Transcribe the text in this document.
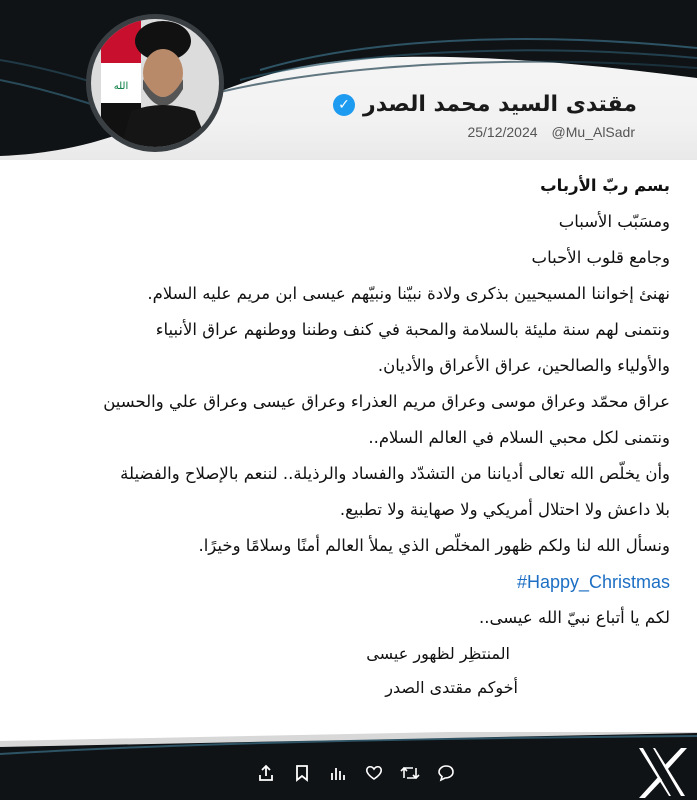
الله
مقتدى السيد محمد الصدر
✓
25/12/2024 @Mu_AlSadr
بسم ربّ الأرباب
ومسَبّب الأسباب
وجامع قلوب الأحباب
نهنئ إخواننا المسيحيين بذكرى ولادة نبيّنا ونبيّهم عيسى ابن مريم عليه السلام.
ونتمنى لهم سنة مليئة بالسلامة والمحبة في كنف وطننا ووطنهم عراق الأنبياء
والأولياء والصالحين، عراق الأعراق والأديان.
عراق محمّد وعراق موسى وعراق مريم العذراء وعراق عيسى وعراق علي والحسين
ونتمنى لكل محبي السلام في العالم السلام..
وأن يخلّص الله تعالى أدياننا من التشدّد والفساد والرذيلة.. لننعم بالإصلاح والفضيلة
بلا داعش ولا احتلال أمريكي ولا صهاينة ولا تطبيع.
ونسأل الله لنا ولكم ظهور المخلّص الذي يملأ العالم أمنًا وسلامًا وخيرًا.
#Happy_Christmas
لكم يا أتباع نبيّ الله عيسى..
المنتظِر لظهور عيسى
أخوكم مقتدى الصدر
